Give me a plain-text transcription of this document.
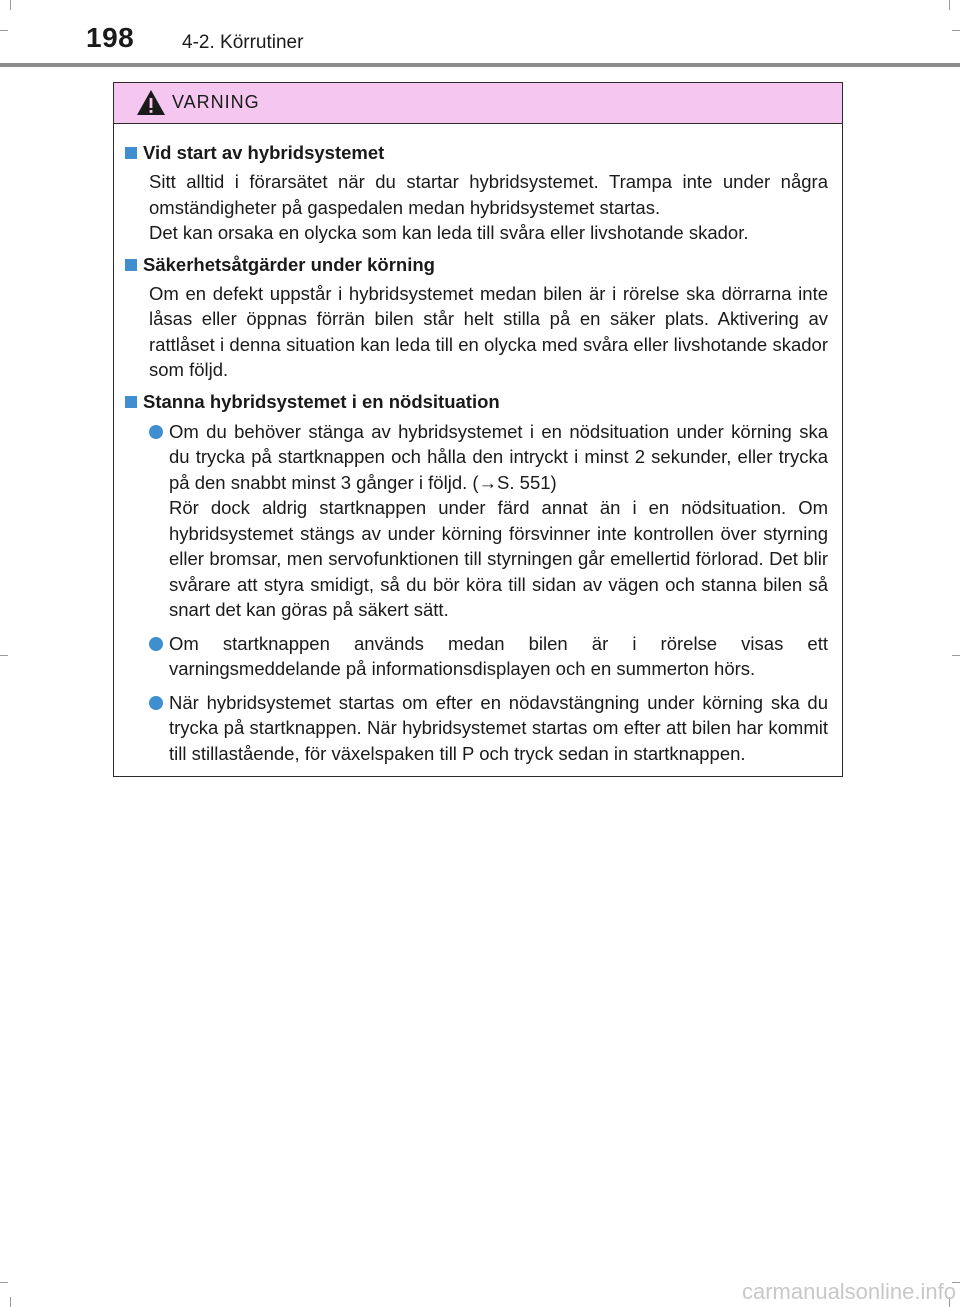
198	4-2. Körrutiner
VARNING
Vid start av hybridsystemet
Sitt alltid i förarsätet när du startar hybridsystemet. Trampa inte under några omständigheter på gaspedalen medan hybridsystemet startas.
Det kan orsaka en olycka som kan leda till svåra eller livshotande skador.
Säkerhetsåtgärder under körning
Om en defekt uppstår i hybridsystemet medan bilen är i rörelse ska dörrarna inte låsas eller öppnas förrän bilen står helt stilla på en säker plats. Aktivering av rattlåset i denna situation kan leda till en olycka med svåra eller livshotande skador som följd.
Stanna hybridsystemet i en nödsituation
Om du behöver stänga av hybridsystemet i en nödsituation under körning ska du trycka på startknappen och hålla den intryckt i minst 2 sekunder, eller trycka på den snabbt minst 3 gånger i följd. (→S. 551)
Rör dock aldrig startknappen under färd annat än i en nödsituation. Om hybridsystemet stängs av under körning försvinner inte kontrollen över styrning eller bromsar, men servofunktionen till styrningen går emellertid förlorad. Det blir svårare att styra smidigt, så du bör köra till sidan av vägen och stanna bilen så snart det kan göras på säkert sätt.
Om startknappen används medan bilen är i rörelse visas ett varningsmeddelande på informationsdisplayen och en summerton hörs.
När hybridsystemet startas om efter en nödavstängning under körning ska du trycka på startknappen. När hybridsystemet startas om efter att bilen har kommit till stillastående, för växelspaken till P och tryck sedan in startknappen.
carmanualsonline.info
